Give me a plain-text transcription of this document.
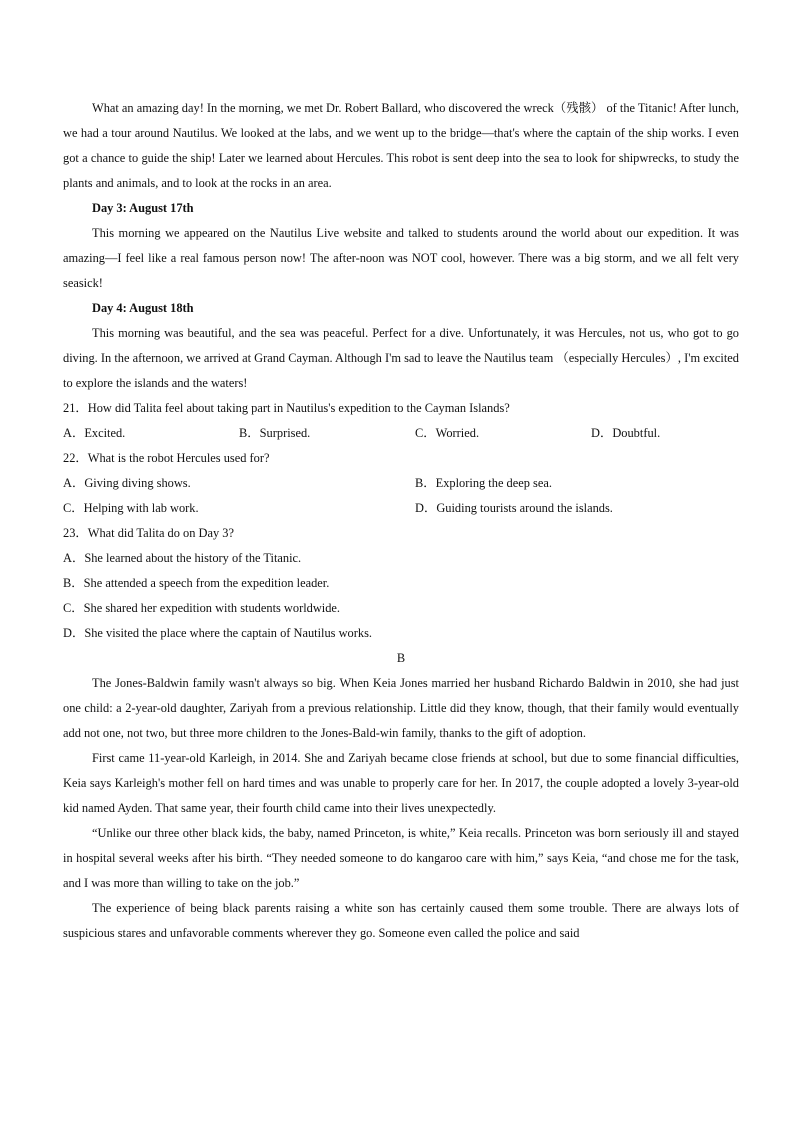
What an amazing day! In the morning, we met Dr. Robert Ballard, who discovered the wreck（残骸） of the Titanic! After lunch, we had a tour around Nautilus. We looked at the labs, and we went up to the bridge—that's where the captain of the ship works. I even got a chance to guide the ship! Later we learned about Hercules. This robot is sent deep into the sea to look for shipwrecks, to study the plants and animals, and to look at the rocks in an area.
Day 3: August 17th
This morning we appeared on the Nautilus Live website and talked to students around the world about our expedition. It was amazing—I feel like a real famous person now! The after-noon was NOT cool, however. There was a big storm, and we all felt very seasick!
Day 4: August 18th
This morning was beautiful, and the sea was peaceful. Perfect for a dive. Unfortunately, it was Hercules, not us, who got to go diving. In the afternoon, we arrived at Grand Cayman. Although I'm sad to leave the Nautilus team （especially Hercules）, I'm excited to explore the islands and the waters!
21．How did Talita feel about taking part in Nautilus's expedition to the Cayman Islands?
A．Excited.	B．Surprised.	C．Worried.	D．Doubtful.
22．What is the robot Hercules used for?
A．Giving diving shows.	B．Exploring the deep sea.
C．Helping with lab work.	D．Guiding tourists around the islands.
23．What did Talita do on Day 3?
A．She learned about the history of the Titanic.
B．She attended a speech from the expedition leader.
C．She shared her expedition with students worldwide.
D．She visited the place where the captain of Nautilus works.
B
The Jones-Baldwin family wasn't always so big. When Keia Jones married her husband Richardo Baldwin in 2010, she had just one child: a 2-year-old daughter, Zariyah from a previous relationship. Little did they know, though, that their family would eventually add not one, not two, but three more children to the Jones-Bald-win family, thanks to the gift of adoption.
First came 11-year-old Karleigh, in 2014. She and Zariyah became close friends at school, but due to some financial difficulties, Keia says Karleigh's mother fell on hard times and was unable to properly care for her. In 2017, the couple adopted a lovely 3-year-old kid named Ayden. That same year, their fourth child came into their lives unexpectedly.
“Unlike our three other black kids, the baby, named Princeton, is white,” Keia recalls. Princeton was born seriously ill and stayed in hospital several weeks after his birth. “They needed someone to do kangaroo care with him,” says Keia, “and chose me for the task, and I was more than willing to take on the job.”
The experience of being black parents raising a white son has certainly caused them some trouble. There are always lots of suspicious stares and unfavorable comments wherever they go. Someone even called the police and said
